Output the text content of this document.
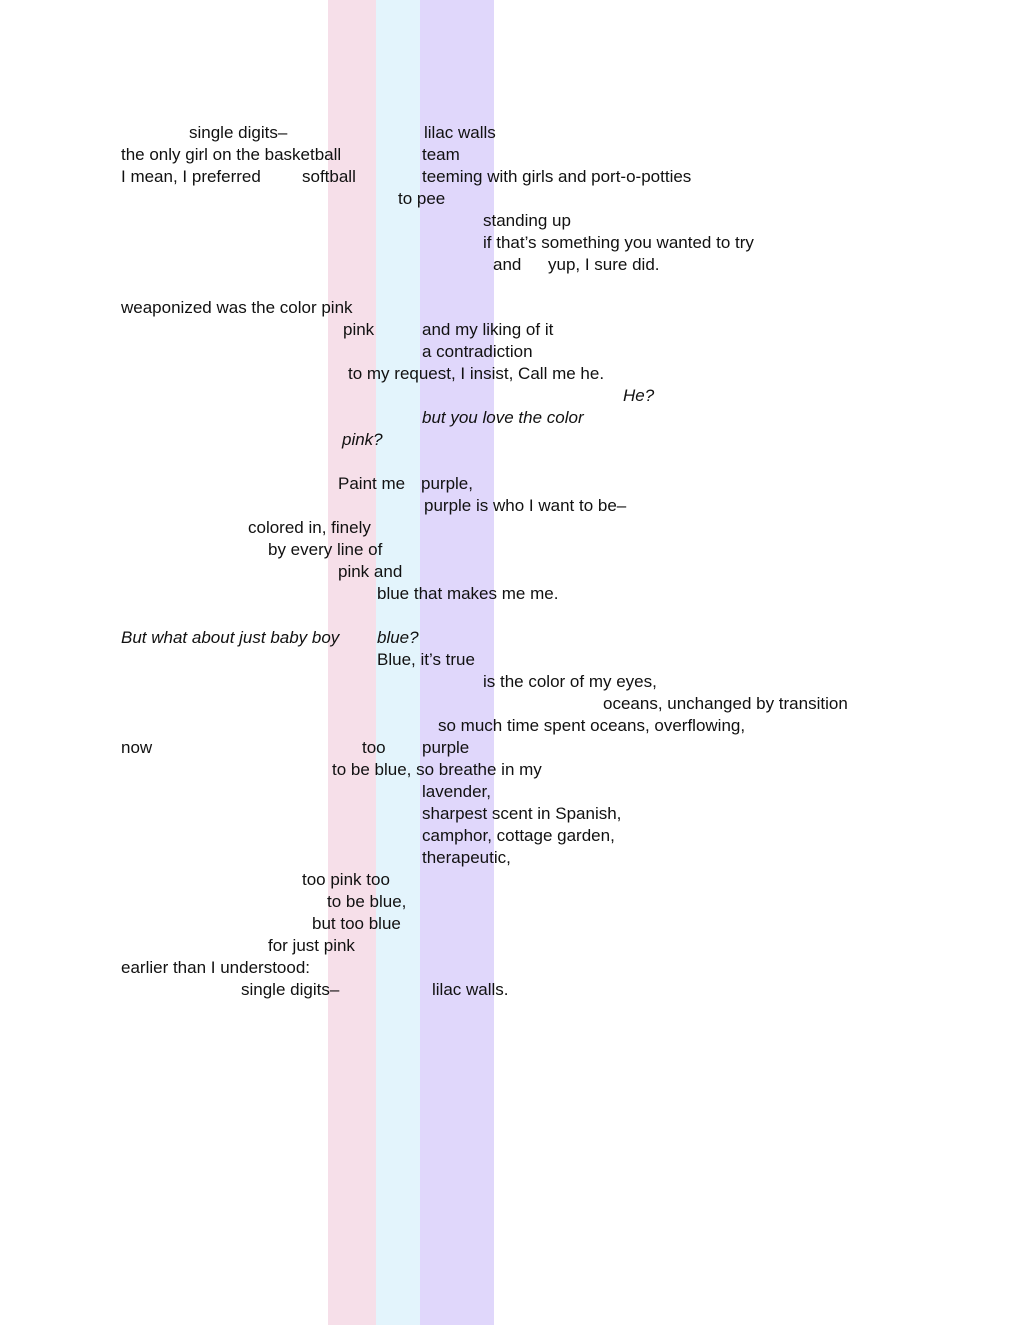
single digits–	lilac walls
the only girl on the basketball	team
I mean, I preferred softball	teeming with girls and port-o-potties
to pee
standing up
if that’s something you wanted to try
and yup, I sure did.
weaponized was the color pink
pink	and my liking of it
a contradiction
to my request, I insist, Call me he.
He?
but you love the color
pink?
Paint me purple,
purple is who I want to be–
colored in, finely
by every line of
pink and
blue that makes me me.
But what about just baby boy blue?
Blue, it’s true
is the color of my eyes,
oceans, unchanged by transition
so much time spent oceans, overflowing,
now	too purple
to be blue, so breathe in my
lavender,
sharpest scent in Spanish,
camphor, cottage garden,
therapeutic,
too pink too
to be blue,
but too blue
for just pink
earlier than I understood:
single digits–	lilac walls.
